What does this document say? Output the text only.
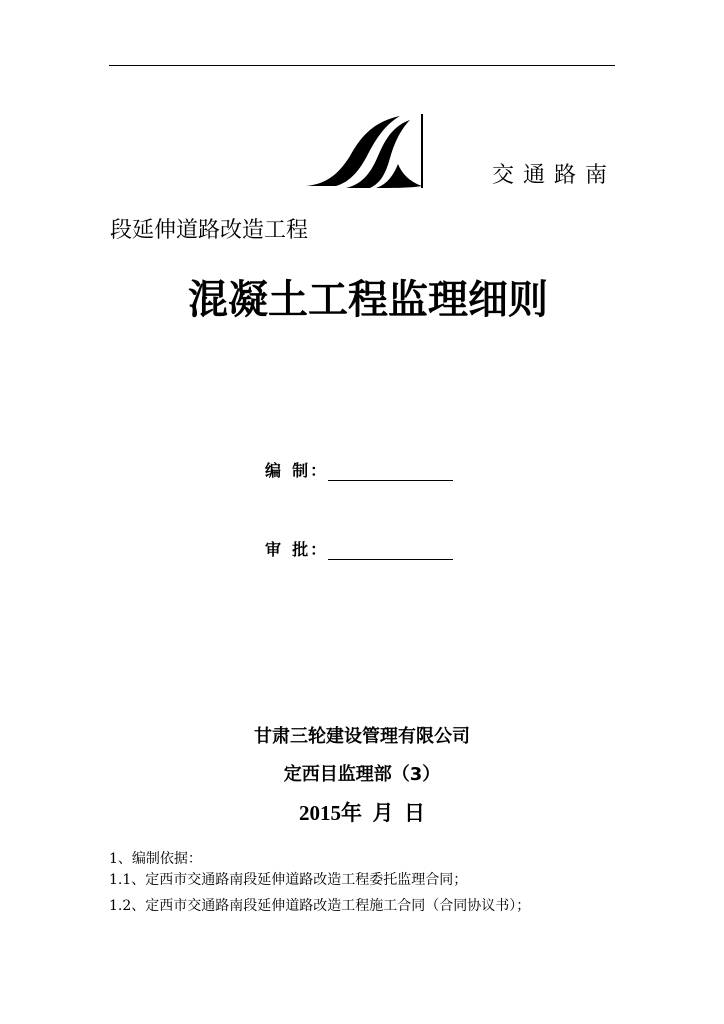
交通路南
段延伸道路改造工程
混凝土工程监理细则
编  制 ：
审  批 ：
甘肃三轮建设管理有限公司
定西目监理部（3）
2015年  月  日
1、编制依据：
1.1、定西市交通路南段延伸道路改造工程委托监理合同；
1.2、定西市交通路南段延伸道路改造工程施工合同（合同协议书）；
